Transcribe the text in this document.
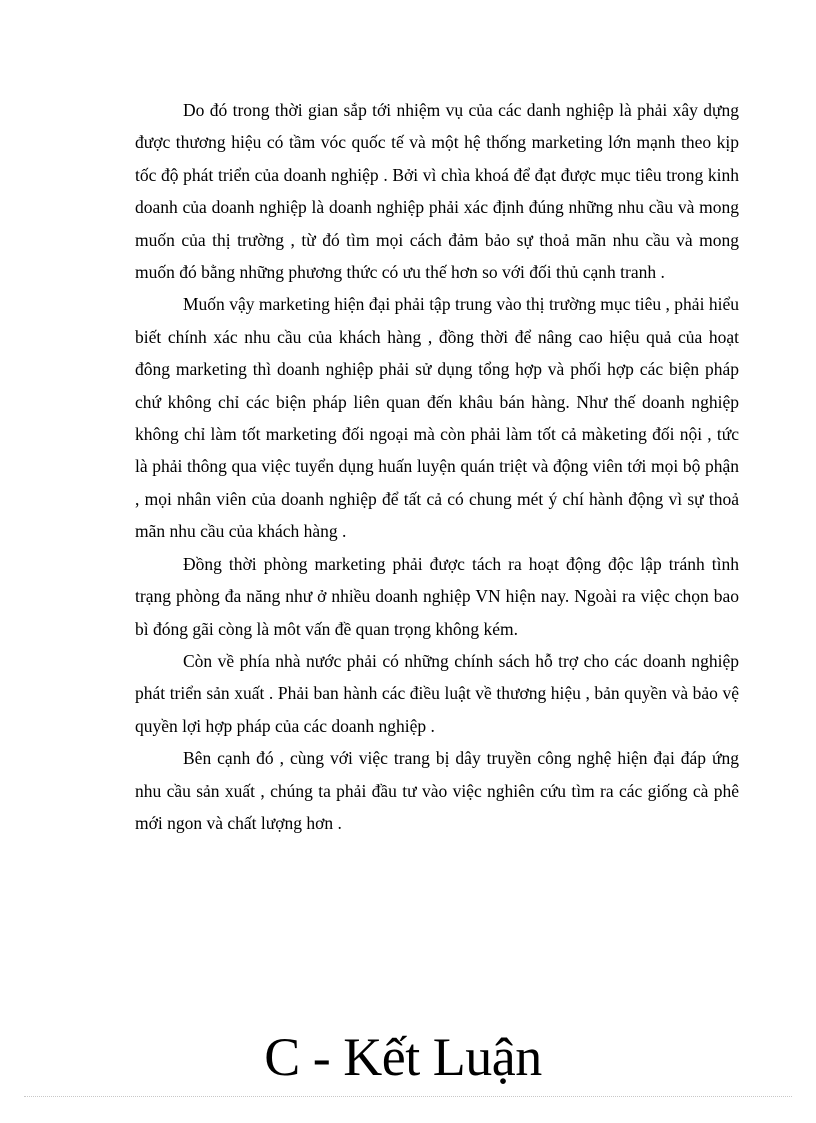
Do đó trong thời gian sắp tới nhiệm vụ của các danh nghiệp là phải xây dựng được thương hiệu có tầm vóc quốc tế và một hệ thống marketing lớn mạnh theo kịp tốc độ phát triển của doanh nghiệp . Bởi vì chìa khoá để đạt được mục tiêu trong kinh doanh của doanh nghiệp là doanh nghiệp phải xác định đúng những nhu cầu và mong muốn của thị trường , từ đó tìm mọi cách đảm bảo sự thoả mãn nhu cầu và mong muốn đó bằng những phương thức có ưu thế hơn so với đối thủ cạnh tranh .

Muốn vậy marketing hiện đại phải tập trung vào thị trường mục tiêu , phải hiểu biết chính xác nhu cầu của khách hàng , đồng thời để nâng cao hiệu quả của hoạt đông marketing thì doanh nghiệp phải sử dụng tổng hợp và phối hợp các biện pháp chứ không chỉ các biện pháp liên quan đến khâu bán hàng. Như thế doanh nghiệp không chỉ làm tốt marketing đối ngoại mà còn phải làm tốt cả màketing đối nội , tức là phải thông qua việc tuyển dụng huấn luyện quán triệt và động viên tới mọi bộ phận , mọi nhân viên của doanh nghiệp để tất cả có chung mét ý chí hành động vì sự thoả mãn nhu cầu của khách hàng .

Đồng thời phòng marketing phải được tách ra hoạt động độc lập tránh tình trạng phòng đa năng như ở nhiều doanh nghiệp VN hiện nay. Ngoài ra việc chọn bao bì đóng gãi còng là môt vấn đề quan trọng không kém.

Còn về phía nhà nước phải có những chính sách hỗ trợ cho các doanh nghiệp phát triển sản xuất . Phải ban hành các điều luật về thương hiệu , bản quyền và bảo vệ quyền lợi hợp pháp của các doanh nghiệp .

Bên cạnh đó , cùng với việc trang bị dây truyền công nghệ hiện đại đáp ứng nhu cầu sản xuất , chúng ta phải đầu tư vào việc nghiên cứu tìm ra các giống cà phê mới ngon và chất lượng hơn .

C - Kết Luận
